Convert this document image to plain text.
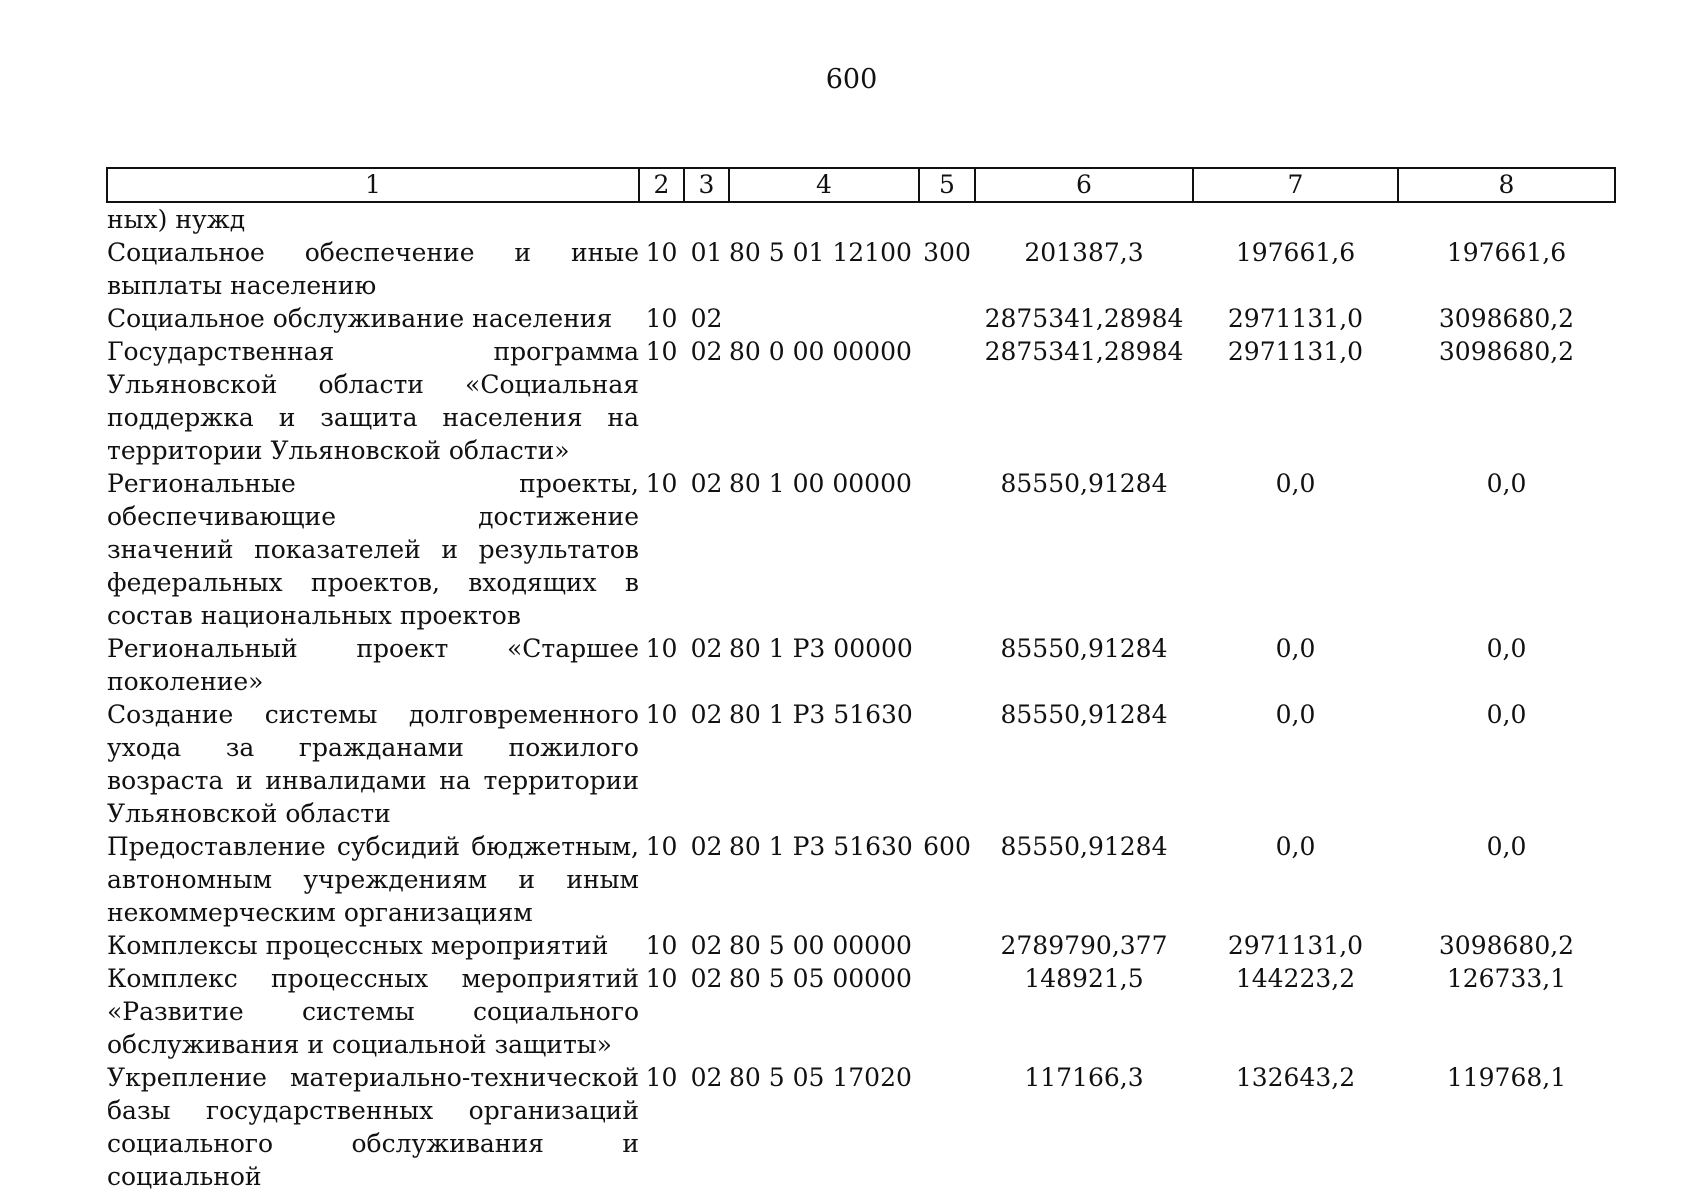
600
1	2	3	4	5	6	7	8
ных) нужд							
Социальное обеспечение и иные выплаты населению	10	01	80 5 01 12100	300	201387,3	197661,6	197661,6
Социальное обслуживание населения	10	02			2875341,28984	2971131,0	3098680,2
Государственная программа Ульяновской области «Социальная поддержка и защита населения на территории Ульяновской области»	10	02	80 0 00 00000		2875341,28984	2971131,0	3098680,2
Региональные проекты, обеспечивающие достижение значений показателей и результатов федеральных проектов, входящих в состав национальных проектов	10	02	80 1 00 00000		85550,91284	0,0	0,0
Региональный проект «Старшее поколение»	10	02	80 1 P3 00000		85550,91284	0,0	0,0
Создание системы долговременного ухода за гражданами пожилого возраста и инвалидами на территории Ульяновской области	10	02	80 1 P3 51630		85550,91284	0,0	0,0
Предоставление субсидий бюджетным, автономным учреждениям и иным некоммерческим организациям	10	02	80 1 P3 51630	600	85550,91284	0,0	0,0
Комплексы процессных мероприятий	10	02	80 5 00 00000		2789790,377	2971131,0	3098680,2
Комплекс процессных мероприятий «Развитие системы социального обслуживания и социальной защиты»	10	02	80 5 05 00000		148921,5	144223,2	126733,1
Укрепление материально-технической базы государственных организаций социального обслуживания и социальной	10	02	80 5 05 17020		117166,3	132643,2	119768,1
